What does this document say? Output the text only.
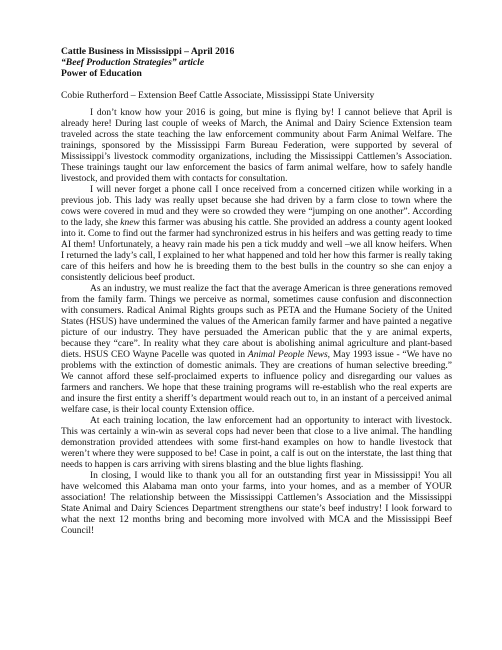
Cattle Business in Mississippi – April 2016
“Beef Production Strategies” article
Power of Education
Cobie Rutherford – Extension Beef Cattle Associate, Mississippi State University

I don’t know how your 2016 is going, but mine is flying by! I cannot believe that April is already here! During last couple of weeks of March, the Animal and Dairy Science Extension team traveled across the state teaching the law enforcement community about Farm Animal Welfare. The trainings, sponsored by the Mississippi Farm Bureau Federation, were supported by several of Mississippi’s livestock commodity organizations, including the Mississippi Cattlemen’s Association. These trainings taught our law enforcement the basics of farm animal welfare, how to safely handle livestock, and provided them with contacts for consultation.

I will never forget a phone call I once received from a concerned citizen while working in a previous job. This lady was really upset because she had driven by a farm close to town where the cows were covered in mud and they were so crowded they were “jumping on one another”. According to the lady, she knew this farmer was abusing his cattle. She provided an address a county agent looked into it. Come to find out the farmer had synchronized estrus in his heifers and was getting ready to time AI them! Unfortunately, a heavy rain made his pen a tick muddy and well –we all know heifers. When I returned the lady’s call, I explained to her what happened and told her how this farmer is really taking care of this heifers and how he is breeding them to the best bulls in the country so she can enjoy a consistently delicious beef product.

As an industry, we must realize the fact that the average American is three generations removed from the family farm. Things we perceive as normal, sometimes cause confusion and disconnection with consumers. Radical Animal Rights groups such as PETA and the Humane Society of the United States (HSUS) have undermined the values of the American family farmer and have painted a negative picture of our industry. They have persuaded the American public that the y are animal experts, because they “care”. In reality what they care about is abolishing animal agriculture and plant-based diets. HSUS CEO Wayne Pacelle was quoted in Animal People News, May 1993 issue - “We have no problems with the extinction of domestic animals. They are creations of human selective breeding.” We cannot afford these self-proclaimed experts to influence policy and disregarding our values as farmers and ranchers. We hope that these training programs will re-establish who the real experts are and insure the first entity a sheriff’s department would reach out to, in an instant of a perceived animal welfare case, is their local county Extension office.

At each training location, the law enforcement had an opportunity to interact with livestock. This was certainly a win-win as several cops had never been that close to a live animal. The handling demonstration provided attendees with some first-hand examples on how to handle livestock that weren’t where they were supposed to be! Case in point, a calf is out on the interstate, the last thing that needs to happen is cars arriving with sirens blasting and the blue lights flashing.

In closing, I would like to thank you all for an outstanding first year in Mississippi! You all have welcomed this Alabama man onto your farms, into your homes, and as a member of YOUR association! The relationship between the Mississippi Cattlemen’s Association and the Mississippi State Animal and Dairy Sciences Department strengthens our state’s beef industry! I look forward to what the next 12 months bring and becoming more involved with MCA and the Mississippi Beef Council!
